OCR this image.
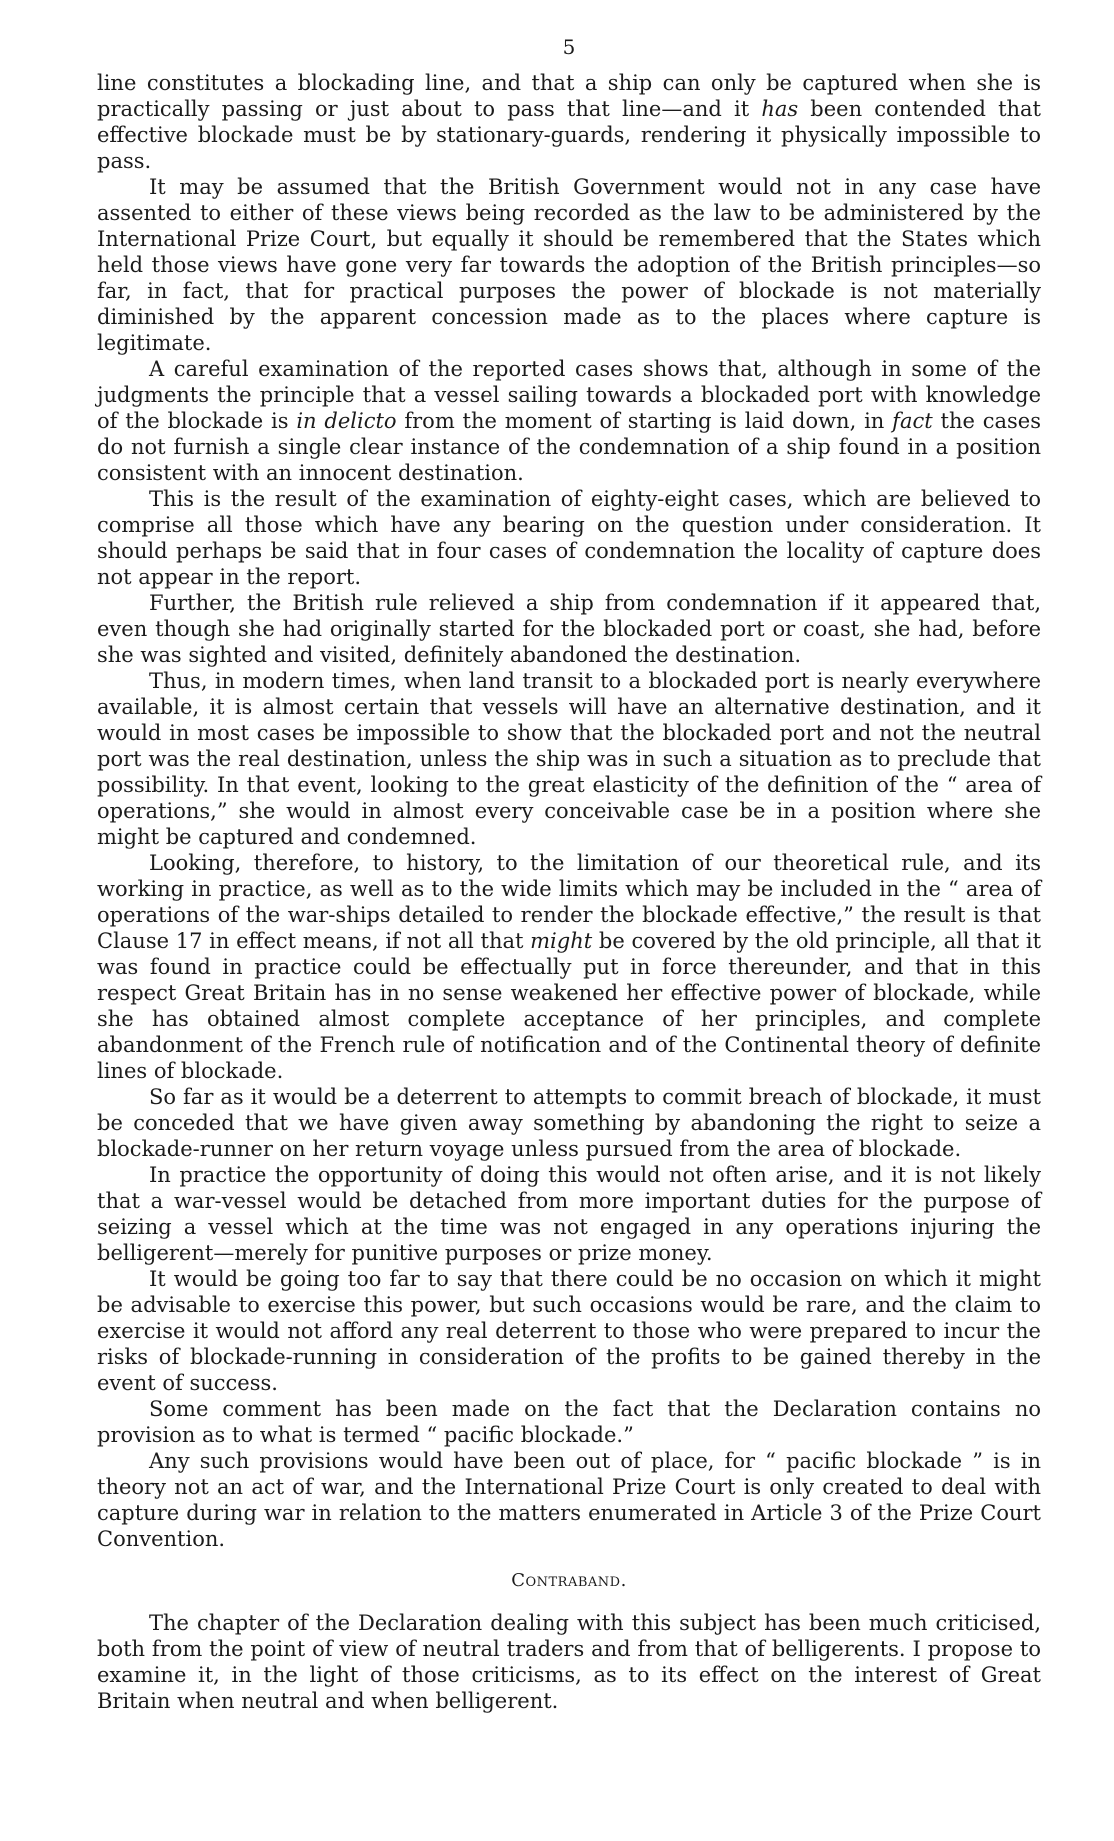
5

line constitutes a blockading line, and that a ship can only be captured when she is practically passing or just about to pass that line—and it has been contended that effective blockade must be by stationary-guards, rendering it physically impossible to pass.

It may be assumed that the British Government would not in any case have assented to either of these views being recorded as the law to be administered by the International Prize Court, but equally it should be remembered that the States which held those views have gone very far towards the adoption of the British principles—so far, in fact, that for practical purposes the power of blockade is not materially diminished by the apparent concession made as to the places where capture is legitimate.

A careful examination of the reported cases shows that, although in some of the judgments the principle that a vessel sailing towards a blockaded port with knowledge of the blockade is in delicto from the moment of starting is laid down, in fact the cases do not furnish a single clear instance of the condemnation of a ship found in a position consistent with an innocent destination.

This is the result of the examination of eighty-eight cases, which are believed to comprise all those which have any bearing on the question under consideration. It should perhaps be said that in four cases of condemnation the locality of capture does not appear in the report.

Further, the British rule relieved a ship from condemnation if it appeared that, even though she had originally started for the blockaded port or coast, she had, before she was sighted and visited, definitely abandoned the destination.

Thus, in modern times, when land transit to a blockaded port is nearly everywhere available, it is almost certain that vessels will have an alternative destination, and it would in most cases be impossible to show that the blockaded port and not the neutral port was the real destination, unless the ship was in such a situation as to preclude that possibility. In that event, looking to the great elasticity of the definition of the “ area of operations,” she would in almost every conceivable case be in a position where she might be captured and condemned.

Looking, therefore, to history, to the limitation of our theoretical rule, and its working in practice, as well as to the wide limits which may be included in the “ area of operations of the war-ships detailed to render the blockade effective,” the result is that Clause 17 in effect means, if not all that might be covered by the old principle, all that it was found in practice could be effectually put in force thereunder, and that in this respect Great Britain has in no sense weakened her effective power of blockade, while she has obtained almost complete acceptance of her principles, and complete abandonment of the French rule of notification and of the Continental theory of definite lines of blockade.

So far as it would be a deterrent to attempts to commit breach of blockade, it must be conceded that we have given away something by abandoning the right to seize a blockade-runner on her return voyage unless pursued from the area of blockade.

In practice the opportunity of doing this would not often arise, and it is not likely that a war-vessel would be detached from more important duties for the purpose of seizing a vessel which at the time was not engaged in any operations injuring the belligerent—merely for punitive purposes or prize money.

It would be going too far to say that there could be no occasion on which it might be advisable to exercise this power, but such occasions would be rare, and the claim to exercise it would not afford any real deterrent to those who were prepared to incur the risks of blockade-running in consideration of the profits to be gained thereby in the event of success.

Some comment has been made on the fact that the Declaration contains no provision as to what is termed “ pacific blockade.”

Any such provisions would have been out of place, for “ pacific blockade ” is in theory not an act of war, and the International Prize Court is only created to deal with capture during war in relation to the matters enumerated in Article 3 of the Prize Court Convention.

Contraband.

The chapter of the Declaration dealing with this subject has been much criticised, both from the point of view of neutral traders and from that of belligerents. I propose to examine it, in the light of those criticisms, as to its effect on the interest of Great Britain when neutral and when belligerent.
